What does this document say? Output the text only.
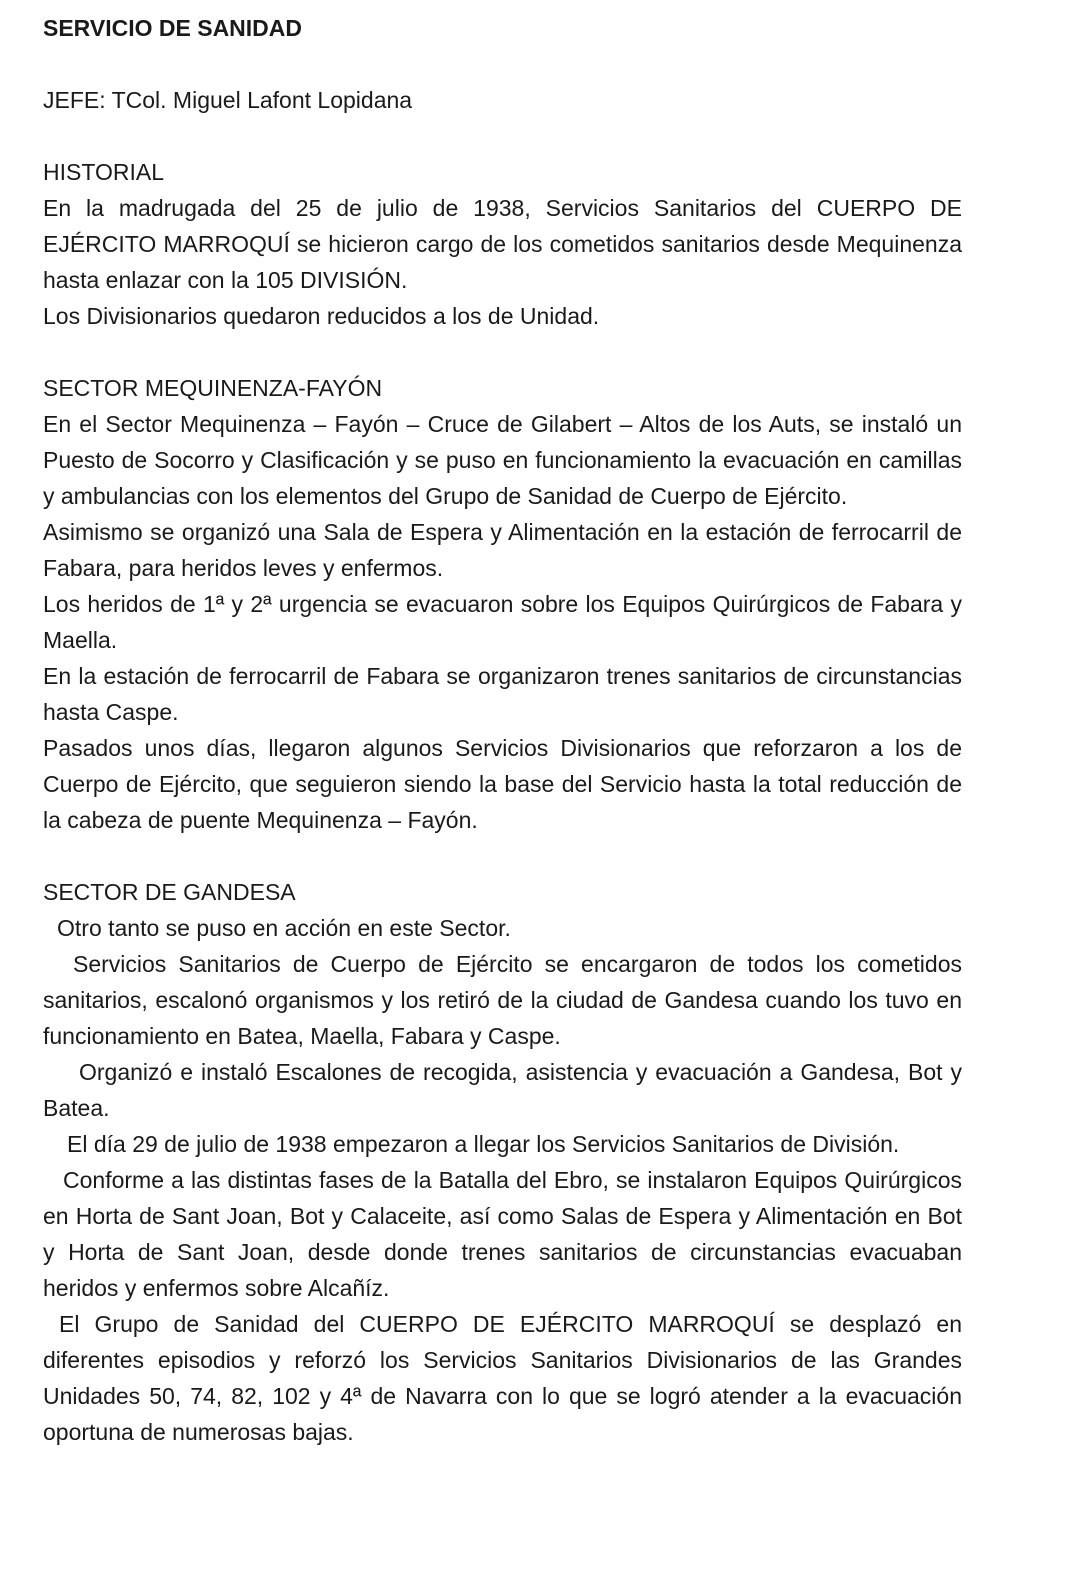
SERVICIO DE SANIDAD

JEFE: TCol. Miguel Lafont Lopidana

HISTORIAL

En la madrugada del 25 de julio de 1938, Servicios Sanitarios del CUERPO DE EJÉRCITO MARROQUÍ se hicieron cargo de los cometidos sanitarios desde Mequinenza hasta enlazar con la 105 DIVISIÓN.

Los Divisionarios quedaron reducidos a los de Unidad.

SECTOR MEQUINENZA-FAYÓN

En el Sector Mequinenza – Fayón – Cruce de Gilabert – Altos de los Auts, se instaló un Puesto de Socorro y Clasificación y se puso en funcionamiento la evacuación en camillas y ambulancias con los elementos del Grupo de Sanidad de Cuerpo de Ejército.

Asimismo se organizó una Sala de Espera y Alimentación en la estación de ferrocarril de Fabara, para heridos leves y enfermos.

Los heridos de 1ª y 2ª urgencia se evacuaron sobre los Equipos Quirúrgicos de Fabara y Maella.

En la estación de ferrocarril de Fabara se organizaron trenes sanitarios de circunstancias hasta Caspe.

Pasados unos días, llegaron algunos Servicios Divisionarios que reforzaron a los de Cuerpo de Ejército, que seguieron siendo la base del Servicio hasta la total reducción de la cabeza de puente Mequinenza – Fayón.

SECTOR DE GANDESA

Otro tanto se puso en acción en este Sector.

Servicios Sanitarios de Cuerpo de Ejército se encargaron de todos los cometidos sanitarios, escalonó organismos y los retiró de la ciudad de Gandesa cuando los tuvo en funcionamiento en Batea, Maella, Fabara y Caspe.

Organizó e instaló Escalones de recogida, asistencia y evacuación a Gandesa, Bot y Batea.

El día 29 de julio de 1938 empezaron a llegar los Servicios Sanitarios de División.

Conforme a las distintas fases de la Batalla del Ebro, se instalaron Equipos Quirúrgicos en Horta de Sant Joan, Bot y Calaceite, así como Salas de Espera y Alimentación en Bot y Horta de Sant Joan, desde donde trenes sanitarios de circunstancias evacuaban heridos y enfermos sobre Alcañíz.

El Grupo de Sanidad del CUERPO DE EJÉRCITO MARROQUÍ se desplazó en diferentes episodios y reforzó los Servicios Sanitarios Divisionarios de las Grandes Unidades 50, 74, 82, 102 y 4ª de Navarra con lo que se logró atender a la evacuación oportuna de numerosas bajas.
